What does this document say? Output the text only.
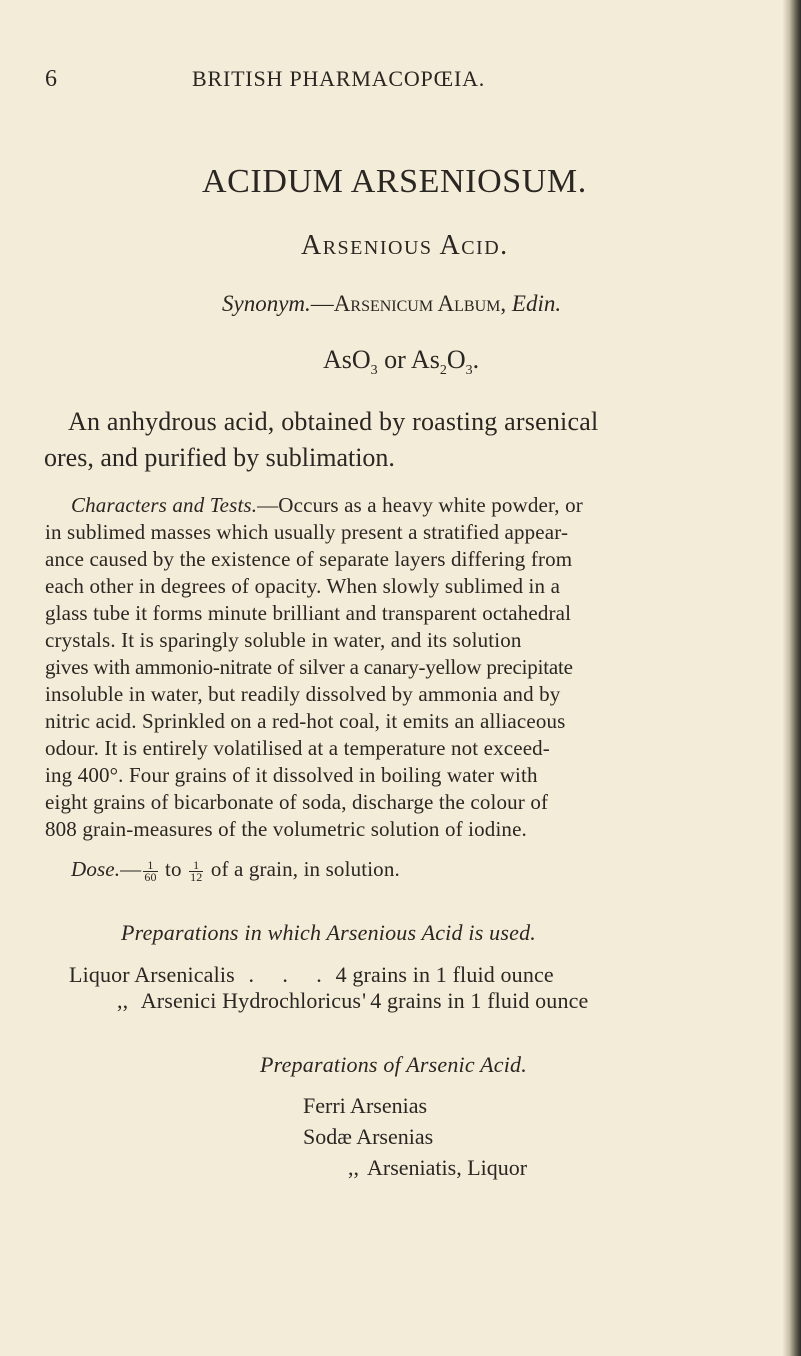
6	BRITISH PHARMACOPŒIA.
ACIDUM ARSENIOSUM.
Arsenious Acid.
Synonym.—Arsenicum Album, Edin.
AsO$_3$ or $As_2O_3$.
An anhydrous acid, obtained by roasting arsenical
ores, and purified by sublimation.
Characters and Tests.—Occurs as a heavy white powder, or
in sublimed masses which usually present a stratified appear-
ance caused by the existence of separate layers differing from
each other in degrees of opacity. When slowly sublimed in a
glass tube it forms minute brilliant and transparent octahedral
crystals. It is sparingly soluble in water, and its solution
gives with ammonio-nitrate of silver a canary-yellow precipitate
insoluble in water, but readily dissolved by ammonia and by
nitric acid. Sprinkled on a red-hot coal, it emits an alliaceous
odour. It is entirely volatilised at a temperature not exceed-
ing 400°. Four grains of it dissolved in boiling water with
eight grains of bicarbonate of soda, discharge the colour of
808 grain-measures of the volumetric solution of iodine.
Dose.— $\frac{1}{60}$ to $\frac{1}{12}$ of a grain, in solution.
Preparations in which Arsenious Acid is used.
Liquor Arsenicalis .     .     . 4 grains in 1 fluid ounce
,, Arsenici Hydrochloricus' 4 grains in 1 fluid ounce
Preparations of Arsenic Acid.
Ferri Arsenias
Sodæ Arsenias
,, Arseniatis, Liquor
